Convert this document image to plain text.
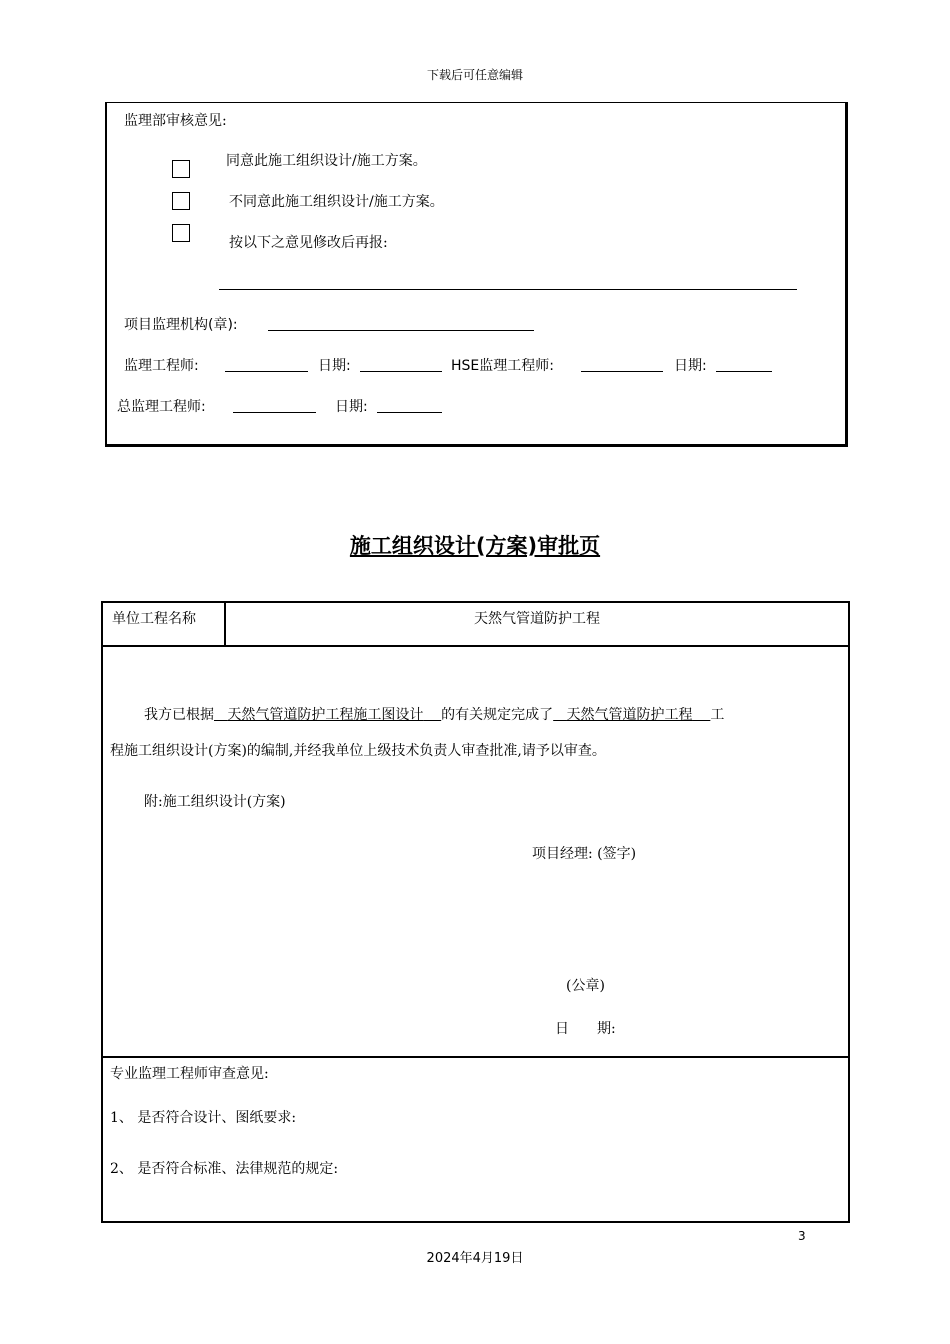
下载后可任意编辑
监理部审核意见:
同意此施工组织设计/施工方案。
不同意此施工组织设计/施工方案。
按以下之意见修改后再报:
项目监理机构(章):
监理工程师:	日期:	HSE监理工程师:	日期:
总监理工程师:	日期:
施工组织设计(方案)审批页
单位工程名称	天然气管道防护工程
我方已根据 天然气管道防护工程施工图设计 的有关规定完成了 天然气管道防护工程 工
程施工组织设计(方案)的编制,并经我单位上级技术负责人审查批准,请予以审查。
附:施工组织设计(方案)
项目经理: (签字)
(公章)
日　　期:
专业监理工程师审查意见:
1、 是否符合设计、图纸要求:
2、 是否符合标准、法律规范的规定:
3
2024年4月19日
